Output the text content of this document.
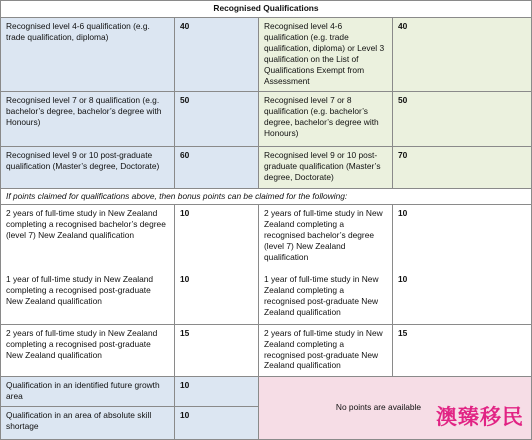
Recognised Qualifications			
Recognised level 4-6 qualification (e.g. trade qualification, diploma)	40	Recognised level 4-6 qualification (e.g. trade qualification, diploma) or Level 3 qualification on the List of Qualifications Exempt from Assessment	40
Recognised level 7 or 8 qualification (e.g. bachelor’s degree, bachelor’s degree with Honours)	50	Recognised level 7 or 8 qualification (e.g. bachelor’s degree, bachelor’s degree with Honours)	50
Recognised level 9 or 10 post-graduate qualification (Master’s degree, Doctorate)	60	Recognised level 9 or 10 post-graduate qualification (Master’s degree, Doctorate)	70
If points claimed for qualifications above, then bonus points can be claimed for the following:			
2 years of full-time study in New Zealand completing a recognised bachelor’s degree (level 7) New Zealand qualification	10	2 years of full-time study in New Zealand completing a recognised bachelor’s degree (level 7) New Zealand qualification	10
1 year of full-time study in New Zealand completing a recognised post-graduate New Zealand qualification	10	1 year of full-time study in New Zealand completing a recognised post-graduate New Zealand qualification	10
2 years of full-time study in New Zealand completing a recognised post-graduate New Zealand qualification	15	2 years of full-time study in New Zealand completing a recognised post-graduate New Zealand qualification	15
Qualification in an identified future growth area	10	No points are available	
Qualification in an area of absolute skill shortage	10			澳臻移民
